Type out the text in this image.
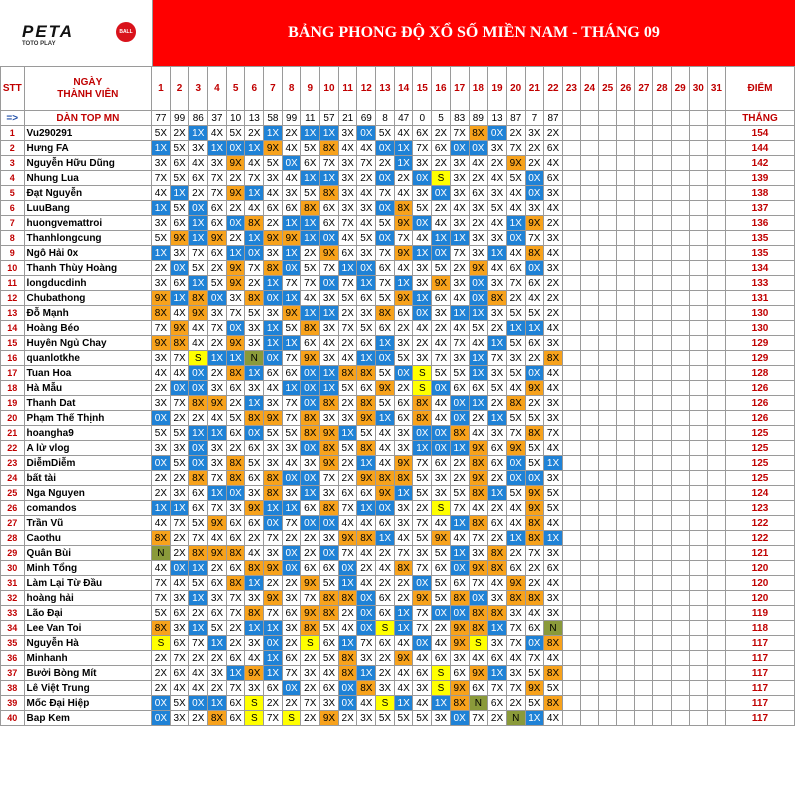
PETA
TOTO PLAY
BALL	BẢNG PHONG ĐỘ XỔ SỐ MIỀN NAM - THÁNG 09
STT	NGÀY
THÀNH VIÊN	1	2	3	4	5	6	7	8	9	10	11	12	13	14	15	16	17	18	19	20	21	22	23	24	25	26	27	28	29	30	31	ĐIỂM
=>	DÀN TOP MN	77	99	86	37	10	13	58	99	11	57	21	69	8	47	0	5	83	89	13	87	7	87										THẮNG
1	Vu290291	5X	2X	1X	4X	5X	2X	1X	2X	1X	1X	3X	0X	5X	4X	6X	2X	7X	8X	0X	2X	3X	2X										154
2	Hưng FA	1X	5X	3X	1X	0X	1X	9X	4X	5X	8X	4X	4X	0X	1X	7X	6X	0X	0X	3X	7X	2X	6X										144
3	Nguyễn Hữu Dũng	3X	6X	4X	3X	9X	4X	5X	0X	6X	7X	3X	7X	2X	1X	3X	2X	3X	4X	2X	9X	2X	4X										142
4	Nhung Lua	7X	5X	6X	7X	2X	7X	3X	4X	1X	1X	3X	2X	0X	2X	0X	S	3X	2X	4X	5X	0X	6X										139
5	Đạt Nguyễn	4X	1X	2X	7X	9X	1X	4X	3X	5X	8X	3X	4X	7X	4X	3X	0X	3X	6X	3X	4X	0X	3X										138
6	LuuBang	1X	5X	0X	6X	2X	4X	6X	6X	8X	6X	3X	3X	0X	8X	5X	2X	4X	3X	5X	4X	3X	4X										137
7	huongvemattroi	3X	6X	1X	6X	0X	8X	2X	1X	1X	6X	7X	4X	5X	9X	0X	4X	3X	2X	4X	1X	9X	2X										136
8	Thanhlongcung	5X	9X	1X	9X	2X	1X	9X	9X	1X	0X	4X	5X	0X	7X	4X	1X	1X	3X	3X	0X	7X	3X										135
9	Ngô Hải 0x	1X	3X	7X	6X	1X	0X	3X	1X	2X	9X	6X	3X	7X	9X	1X	0X	7X	3X	1X	4X	8X	4X										135
10	Thanh Thùy Hoàng	2X	0X	5X	2X	9X	7X	8X	0X	5X	7X	1X	0X	6X	4X	3X	5X	2X	9X	4X	6X	0X	3X										134
11	longducdinh	3X	6X	1X	5X	9X	2X	1X	7X	7X	0X	7X	1X	7X	1X	3X	9X	3X	0X	3X	7X	6X	2X										133
12	Chubathong	9X	1X	8X	0X	3X	8X	0X	1X	4X	3X	5X	6X	5X	9X	1X	6X	4X	0X	8X	2X	4X	2X										131
13	Đỗ Mạnh	8X	4X	9X	3X	7X	5X	3X	9X	1X	1X	2X	3X	8X	6X	0X	3X	1X	1X	3X	5X	5X	2X										130
14	Hoàng Béo	7X	9X	4X	7X	0X	3X	1X	5X	8X	3X	7X	5X	6X	2X	4X	2X	4X	5X	2X	1X	1X	4X										130
15	Huyên Ngủ Chay	9X	8X	4X	2X	9X	3X	1X	1X	6X	4X	2X	6X	1X	3X	2X	4X	7X	4X	1X	5X	6X	3X										129
16	quanlotkhe	3X	7X	S	1X	1X	N	0X	7X	9X	3X	4X	1X	0X	5X	3X	7X	3X	1X	7X	3X	2X	8X										129
17	Tuan Hoa	4X	4X	0X	2X	8X	1X	6X	6X	0X	1X	8X	8X	5X	0X	S	5X	5X	1X	3X	5X	0X	4X										128
18	Hà Mẫu	2X	0X	0X	3X	6X	3X	4X	1X	0X	1X	5X	6X	9X	2X	S	0X	6X	6X	5X	4X	9X	4X										126
19	Thanh Dat	3X	7X	8X	9X	2X	1X	3X	7X	0X	8X	2X	8X	5X	6X	8X	4X	0X	1X	2X	8X	2X	3X										126
20	Phạm Thế Thịnh	0X	2X	2X	4X	5X	8X	9X	7X	8X	3X	3X	9X	1X	6X	8X	4X	0X	2X	1X	5X	5X	3X										126
21	hoangha9	5X	5X	1X	1X	6X	0X	5X	5X	8X	9X	1X	5X	4X	3X	0X	0X	8X	4X	3X	7X	8X	7X										125
22	A lử vlog	3X	3X	0X	3X	2X	6X	3X	3X	0X	8X	5X	8X	4X	3X	1X	0X	1X	9X	6X	9X	5X	4X										125
23	DiễmDiễm	0X	5X	0X	3X	8X	5X	3X	4X	3X	9X	2X	1X	4X	9X	7X	6X	2X	8X	6X	0X	5X	1X										125
24	bất tài	2X	2X	8X	7X	8X	6X	8X	0X	0X	7X	2X	9X	8X	8X	5X	3X	2X	9X	2X	0X	0X	3X										125
25	Nga Nguyen	2X	3X	6X	1X	0X	3X	8X	3X	1X	3X	6X	6X	9X	1X	5X	3X	5X	8X	1X	5X	9X	5X										124
26	comandos	1X	1X	6X	7X	3X	9X	1X	1X	6X	8X	7X	1X	0X	3X	2X	S	7X	4X	2X	4X	9X	5X										123
27	Trần Vũ	4X	7X	5X	9X	6X	6X	0X	7X	0X	0X	4X	4X	6X	3X	7X	4X	1X	8X	6X	4X	8X	4X										122
28	Caothu	8X	2X	7X	4X	6X	2X	7X	2X	2X	3X	9X	8X	1X	4X	5X	9X	4X	7X	2X	1X	8X	1X										122
29	Quân Bùi	N	2X	8X	9X	8X	4X	3X	0X	2X	0X	7X	4X	2X	7X	3X	5X	1X	3X	8X	2X	7X	3X										121
30	Minh Tổng	4X	0X	1X	2X	6X	8X	9X	0X	6X	6X	0X	2X	4X	8X	7X	6X	0X	9X	8X	6X	2X	6X										120
31	Làm Lại Từ Đầu	7X	4X	5X	6X	8X	1X	2X	2X	9X	5X	1X	4X	2X	2X	0X	5X	6X	7X	4X	9X	2X	4X										120
32	hoàng hải	7X	3X	1X	3X	7X	3X	9X	3X	7X	8X	8X	0X	6X	2X	9X	5X	8X	0X	3X	8X	8X	3X										120
33	Lão Đại	5X	6X	2X	6X	7X	8X	7X	6X	9X	8X	2X	0X	6X	1X	7X	0X	0X	8X	8X	3X	4X	3X										119
34	Lee Van Toi	8X	3X	1X	5X	2X	1X	1X	3X	8X	5X	4X	0X	S	1X	7X	2X	9X	8X	1X	7X	6X	N										118
35	Nguyễn Hà	S	6X	7X	1X	2X	3X	0X	2X	S	6X	1X	7X	6X	4X	0X	4X	9X	S	3X	7X	0X	8X										117
36	Minhanh	2X	7X	2X	2X	6X	4X	1X	6X	2X	5X	8X	3X	2X	9X	4X	6X	3X	4X	6X	4X	7X	4X										117
37	Bưởi Bòng Mít	2X	6X	4X	3X	1X	9X	1X	7X	3X	4X	8X	1X	2X	4X	6X	S	6X	9X	1X	3X	5X	8X										117
38	Lê Việt Trung	2X	4X	4X	2X	7X	3X	6X	0X	2X	6X	0X	8X	3X	4X	3X	S	9X	6X	7X	7X	9X	5X										117
39	Mốc Đại Hiệp	0X	5X	0X	1X	6X	S	2X	2X	7X	3X	0X	4X	S	1X	4X	1X	8X	N	6X	2X	5X	8X										117
40	Bap Kem	0X	3X	2X	8X	6X	S	7X	S	2X	9X	2X	3X	5X	5X	5X	3X	0X	7X	2X	N	1X	4X										117
